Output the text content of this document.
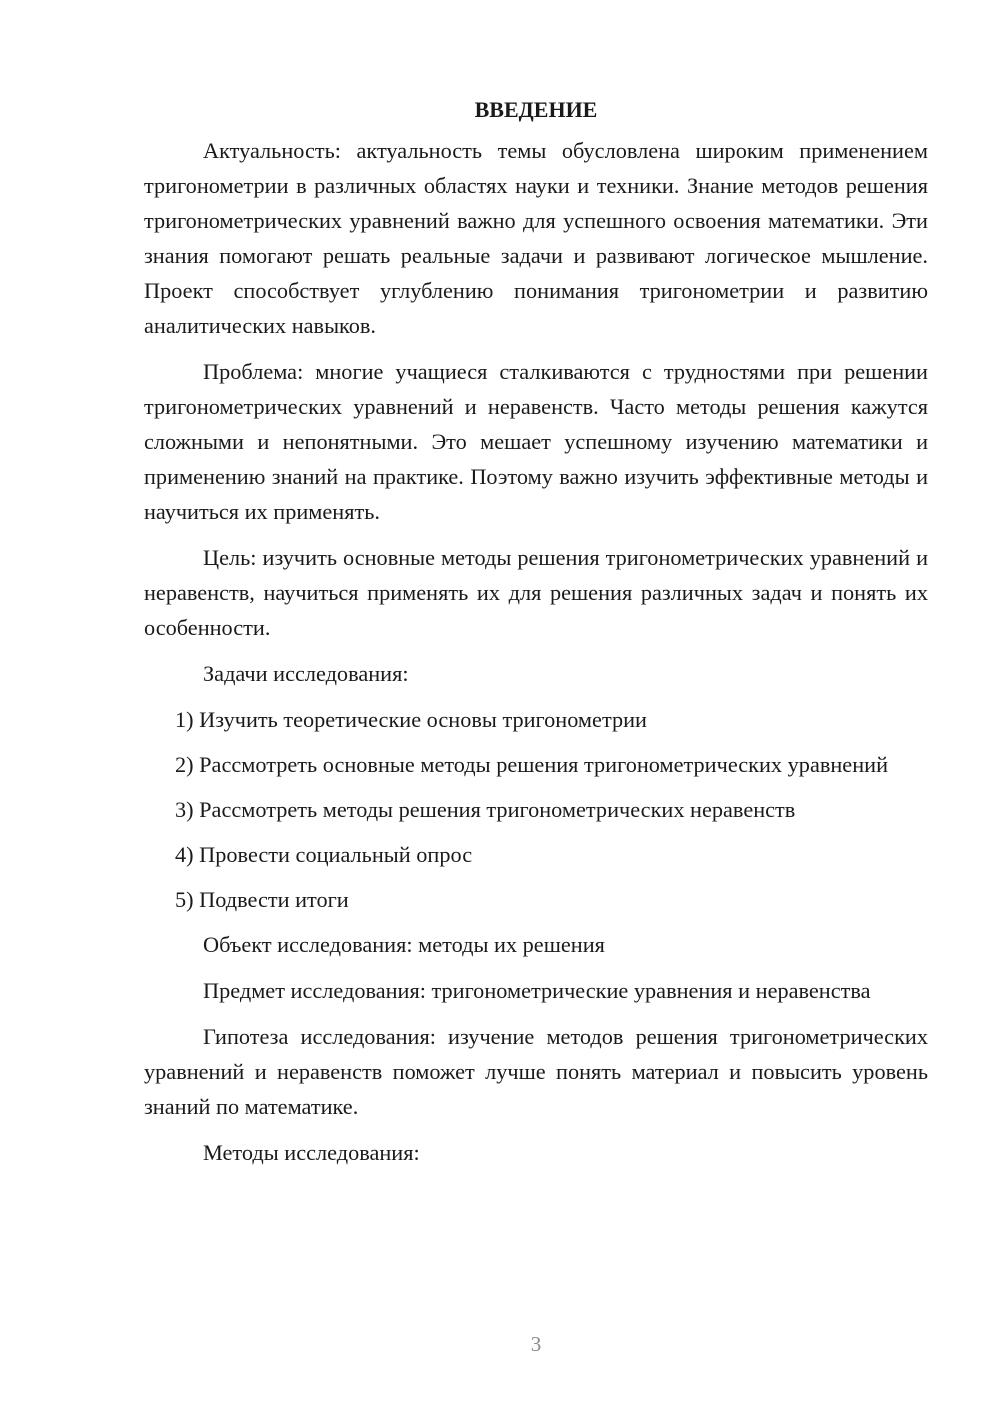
ВВЕДЕНИЕ

Актуальность: актуальность темы обусловлена широким применением тригонометрии в различных областях науки и техники. Знание методов решения тригонометрических уравнений важно для успешного освоения математики. Эти знания помогают решать реальные задачи и развивают логическое мышление. Проект способствует углублению понимания тригонометрии и развитию аналитических навыков.

Проблема: многие учащиеся сталкиваются с трудностями при решении тригонометрических уравнений и неравенств. Часто методы решения кажутся сложными и непонятными. Это мешает успешному изучению математики и применению знаний на практике. Поэтому важно изучить эффективные методы и научиться их применять.

Цель: изучить основные методы решения тригонометрических уравнений и неравенств, научиться применять их для решения различных задач и понять их особенности.

Задачи исследования:

1) Изучить теоретические основы тригонометрии

2) Рассмотреть основные методы решения тригонометрических уравнений

3) Рассмотреть методы решения тригонометрических неравенств

4) Провести социальный опрос

5) Подвести итоги

Объект исследования: методы их решения

Предмет исследования: тригонометрические уравнения и неравенства

Гипотеза исследования: изучение методов решения тригонометрических уравнений и неравенств поможет лучше понять материал и повысить уровень знаний по математике.

Методы исследования:

3
